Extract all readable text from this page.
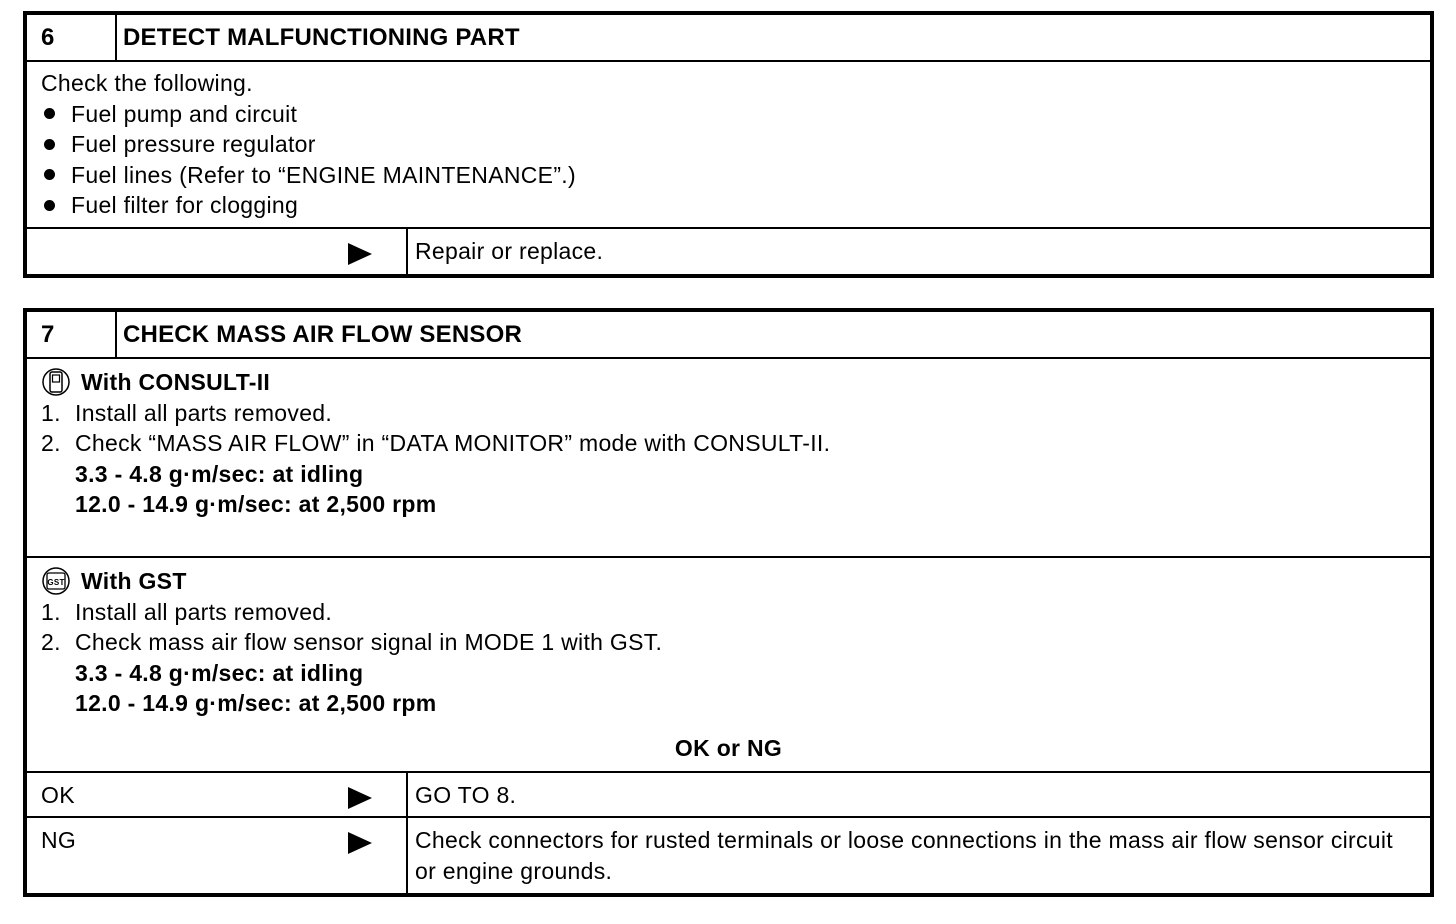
6	DETECT MALFUNCTIONING PART
Check the following.
Fuel pump and circuit
Fuel pressure regulator
Fuel lines (Refer to “ENGINE MAINTENANCE”.)
Fuel filter for clogging
Repair or replace.
7	CHECK MASS AIR FLOW SENSOR
With CONSULT-II
1. Install all parts removed.
2. Check “MASS AIR FLOW” in “DATA MONITOR” mode with CONSULT-II.
3.3 - 4.8 g·m/sec: at idling
12.0 - 14.9 g·m/sec: at 2,500 rpm
GST With GST
1. Install all parts removed.
2. Check mass air flow sensor signal in MODE 1 with GST.
3.3 - 4.8 g·m/sec: at idling
12.0 - 14.9 g·m/sec: at 2,500 rpm
OK or NG
OK	GO TO 8.
NG	Check connectors for rusted terminals or loose connections in the mass air flow sensor circuit or engine grounds.
